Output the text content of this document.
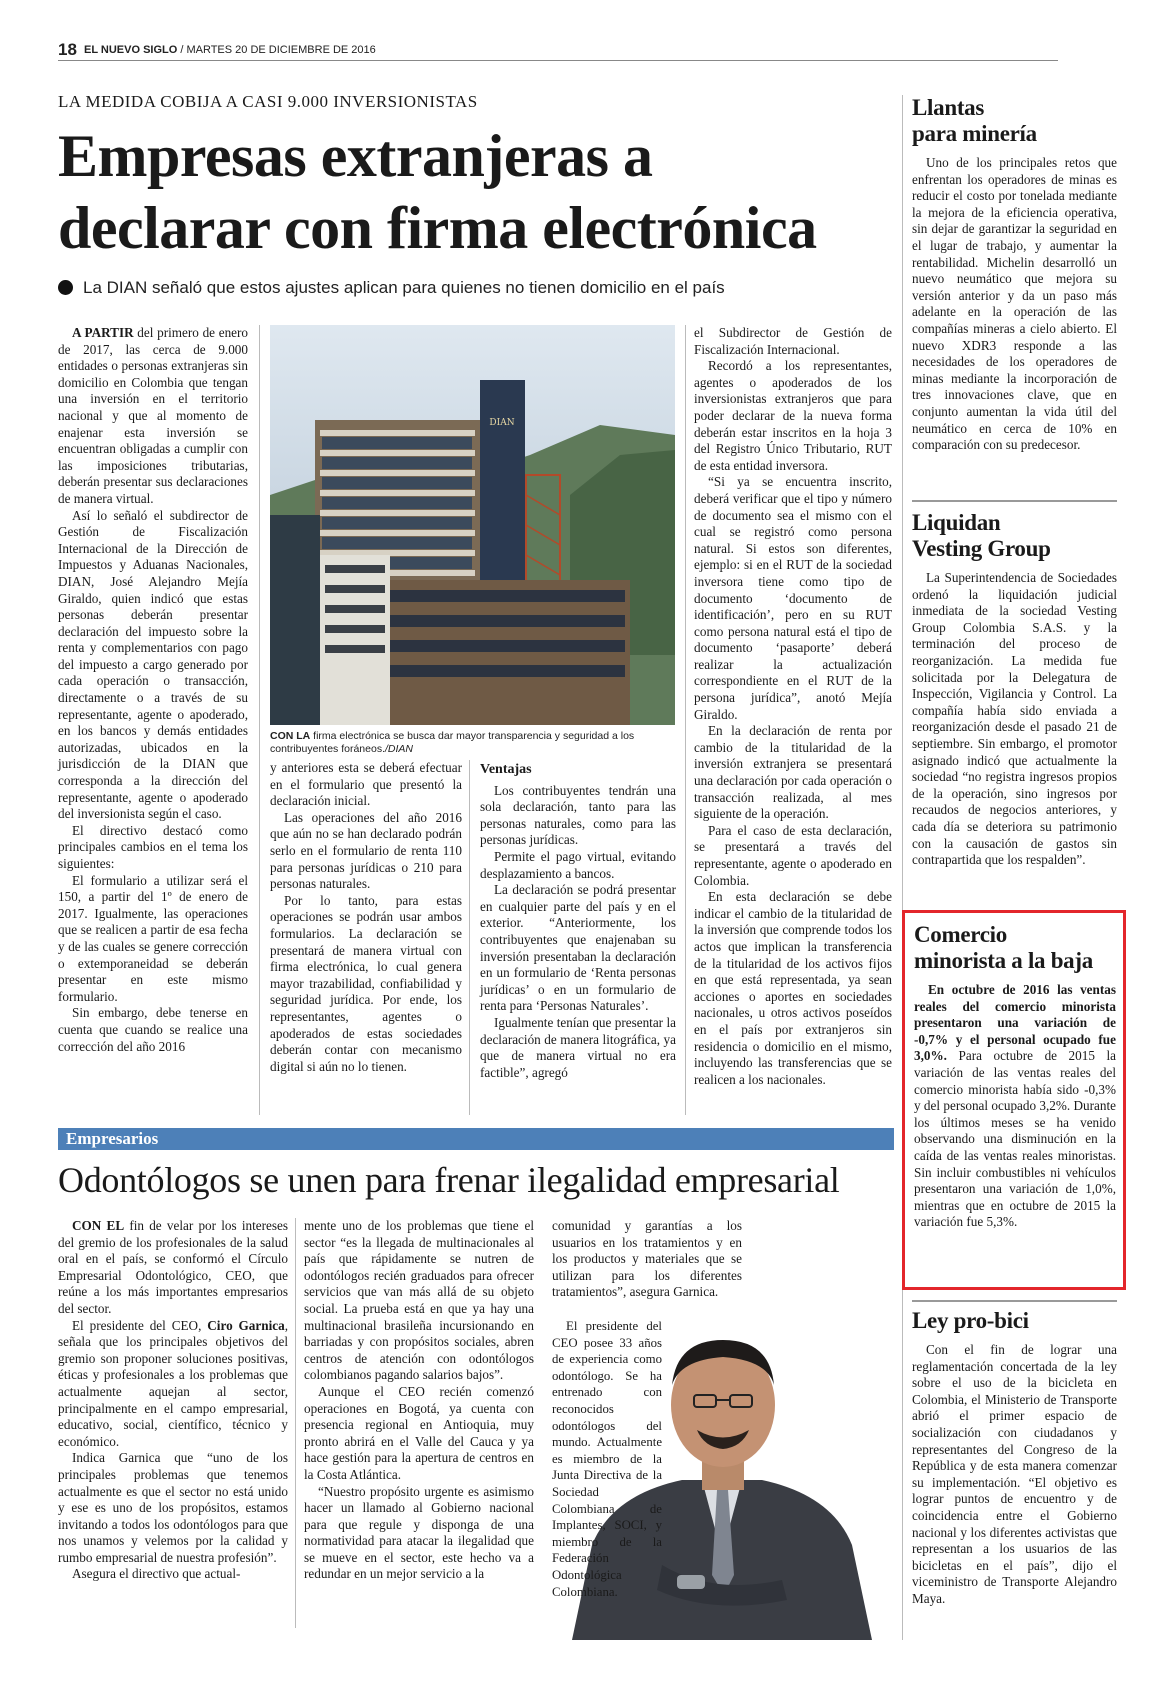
18 EL NUEVO SIGLO / MARTES 20 DE DICIEMBRE DE 2016
LA MEDIDA COBIJA A CASI 9.000 INVERSIONISTAS
Empresas extranjeras a
declarar con firma electrónica
La DIAN señaló que estos ajustes aplican para quienes no tienen domicilio en el país

A PARTIR del primero de enero de 2017, las cerca de 9.000 entidades o personas extranjeras sin domicilio en Colombia que tengan una inversión en el territorio nacional y que al momento de enajenar esta inversión se encuentran obligadas a cumplir con las imposiciones tributarias, deberán presentar sus declaraciones de manera virtual.

Así lo señaló el subdirector de Gestión de Fiscalización Internacional de la Dirección de Impuestos y Aduanas Nacionales, DIAN, José Alejandro Mejía Giraldo, quien indicó que estas personas deberán presentar declaración del impuesto sobre la renta y complementarios con pago del impuesto a cargo generado por cada operación o transacción, directamente o a través de su representante, agente o apoderado, en los bancos y demás entidades autorizadas, ubicados en la jurisdicción de la DIAN que corresponda a la dirección del representante, agente o apoderado del inversionista según el caso.

El directivo destacó como principales cambios en el tema los siguientes:

El formulario a utilizar será el 150, a partir del 1º de enero de 2017. Igualmente, las operaciones que se realicen a partir de esa fecha y de las cuales se genere corrección o extemporaneidad se deberán presentar en este mismo formulario.

Sin embargo, debe tenerse en cuenta que cuando se realice una corrección del año 2016

DIAN
CON LA firma electrónica se busca dar mayor transparencia y seguridad a los contribuyentes foráneos./DIAN

y anteriores esta se deberá efectuar en el formulario que presentó la declaración inicial.

Las operaciones del año 2016 que aún no se han declarado podrán serlo en el formulario de renta 110 para personas jurídicas o 210 para personas naturales.

Por lo tanto, para estas operaciones se podrán usar ambos formularios. La declaración se presentará de manera virtual con firma electrónica, lo cual genera mayor trazabilidad, confiabilidad y seguridad jurídica. Por ende, los representantes, agentes o apoderados de estas sociedades deberán contar con mecanismo digital si aún no lo tienen.

Ventajas

Los contribuyentes tendrán una sola declaración, tanto para las personas naturales, como para las personas jurídicas.

Permite el pago virtual, evitando desplazamiento a bancos.

La declaración se podrá presentar en cualquier parte del país y en el exterior. “Anteriormente, los contribuyentes que enajenaban su inversión presentaban la declaración en un formulario de ‘Renta personas jurídicas’ o en un formulario de renta para ‘Personas Naturales’.

Igualmente tenían que presentar la declaración de manera litográfica, ya que de manera virtual no era factible”, agregó

el Subdirector de Gestión de Fiscalización Internacional.

Recordó a los representantes, agentes o apoderados de los inversionistas extranjeros que para poder declarar de la nueva forma deberán estar inscritos en la hoja 3 del Registro Único Tributario, RUT de esta entidad inversora.

“Si ya se encuentra inscrito, deberá verificar que el tipo y número de documento sea el mismo con el cual se registró como persona natural. Si estos son diferentes, ejemplo: si en el RUT de la sociedad inversora tiene como tipo de documento ‘documento de identificación’, pero en su RUT como persona natural está el tipo de documento ‘pasaporte’ deberá realizar la actualización correspondiente en el RUT de la persona jurídica”, anotó Mejía Giraldo.

En la declaración de renta por cambio de la titularidad de la inversión extranjera se presentará una declaración por cada operación o transacción realizada, al mes siguiente de la operación.

Para el caso de esta declaración, se presentará a través del representante, agente o apoderado en Colombia.

En esta declaración se debe indicar el cambio de la titularidad de la inversión que comprende todos los actos que implican la transferencia de la titularidad de los activos fijos en que está representada, ya sean acciones o aportes en sociedades nacionales, u otros activos poseídos en el país por extranjeros sin residencia o domicilio en el mismo, incluyendo las transferencias que se realicen a los nacionales.

Empresarios
Odontólogos se unen para frenar ilegalidad empresarial

CON EL fin de velar por los intereses del gremio de los profesionales de la salud oral en el país, se conformó el Círculo Empresarial Odontológico, CEO, que reúne a los más importantes empresarios del sector.

El presidente del CEO, Ciro Garnica, señala que los principales objetivos del gremio son proponer soluciones positivas, éticas y profesionales a los problemas que actualmente aquejan al sector, principalmente en el campo empresarial, educativo, social, científico, técnico y económico.

Indica Garnica que “uno de los principales problemas que tenemos actualmente es que el sector no está unido y ese es uno de los propósitos, estamos invitando a todos los odontólogos para que nos unamos y velemos por la calidad y rumbo empresarial de nuestra profesión”.

Asegura el directivo que actual-

mente uno de los problemas que tiene el sector “es la llegada de multinacionales al país que rápidamente se nutren de odontólogos recién graduados para ofrecer servicios que van más allá de su objeto social. La prueba está en que ya hay una multinacional brasileña incursionando en barriadas y con propósitos sociales, abren centros de atención con odontólogos colombianos pagando salarios bajos”.

Aunque el CEO recién comenzó operaciones en Bogotá, ya cuenta con presencia regional en Antioquia, muy pronto abrirá en el Valle del Cauca y ya hace gestión para la apertura de centros en la Costa Atlántica.

“Nuestro propósito urgente es asimismo hacer un llamado al Gobierno nacional para que regule y disponga de una normatividad para atacar la ilegalidad que se mueve en el sector, este hecho va a redundar en un mejor servicio a la

comunidad y garantías a los usuarios en los tratamientos y en los productos y materiales que se utilizan para los diferentes tratamientos”, asegura Garnica.

El presidente del CEO posee 33 años de experiencia como odontólogo. Se ha entrenado con reconocidos odontólogos del mundo. Actualmente es miembro de la Junta Directiva de la Sociedad Colombiana de Implantes, SOCI, y miembro de la Federación Odontológica Colombiana.

Llantas
para minería

Uno de los principales retos que enfrentan los operadores de minas es reducir el costo por tonelada mediante la mejora de la eficiencia operativa, sin dejar de garantizar la seguridad en el lugar de trabajo, y aumentar la rentabilidad. Michelin desarrolló un nuevo neumático que mejora su versión anterior y da un paso más adelante en la operación de las compañías mineras a cielo abierto. El nuevo XDR3 responde a las necesidades de los operadores de minas mediante la incorporación de tres innovaciones clave, que en conjunto aumentan la vida útil del neumático en cerca de 10% en comparación con su predecesor.

Liquidan
Vesting Group

La Superintendencia de Sociedades ordenó la liquidación judicial inmediata de la sociedad Vesting Group Colombia S.A.S. y la terminación del proceso de reorganización. La medida fue solicitada por la Delegatura de Inspección, Vigilancia y Control. La compañía había sido enviada a reorganización desde el pasado 21 de septiembre. Sin embargo, el promotor asignado indicó que actualmente la sociedad “no registra ingresos propios de la operación, sino ingresos por recaudos de negocios anteriores, y cada día se deteriora su patrimonio con la causación de gastos sin contrapartida que los respalden”.

Comercio
minorista a la baja

En octubre de 2016 las ventas reales del comercio minorista presentaron una variación de -0,7% y el personal ocupado fue 3,0%. Para octubre de 2015 la variación de las ventas reales del comercio minorista había sido -0,3% y del personal ocupado 3,2%. Durante los últimos meses se ha venido observando una disminución en la caída de las ventas reales minoristas. Sin incluir combustibles ni vehículos presentaron una variación de 1,0%, mientras que en octubre de 2015 la variación fue 5,3%.

Ley pro-bici

Con el fin de lograr una reglamentación concertada de la ley sobre el uso de la bicicleta en Colombia, el Ministerio de Transporte abrió el primer espacio de socialización con ciudadanos y representantes del Congreso de la República y de esta manera comenzar su implementación. “El objetivo es lograr puntos de encuentro y de coincidencia entre el Gobierno nacional y los diferentes activistas que representan a los usuarios de las bicicletas en el país”, dijo el viceministro de Transporte Alejandro Maya.
